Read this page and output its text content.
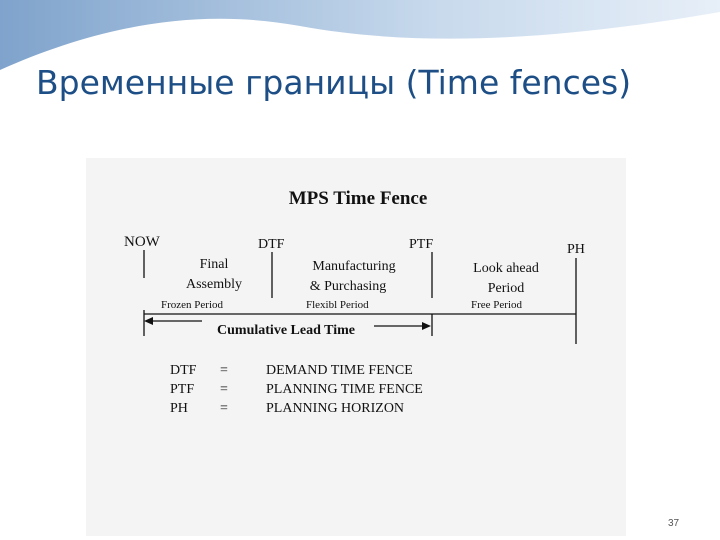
Временные границы (Time fences)
MPS Time Fence
NOW	DTF	PTF	PH
Final
Assembly
Manufacturing
& Purchasing
Look ahead
Period
Frozen Period	Flexibl Period	Free Period
Cumulative Lead Time
DTF =	DEMAND TIME FENCE
PTF =	PLANNING TIME FENCE
PH =	PLANNING HORIZON
37
